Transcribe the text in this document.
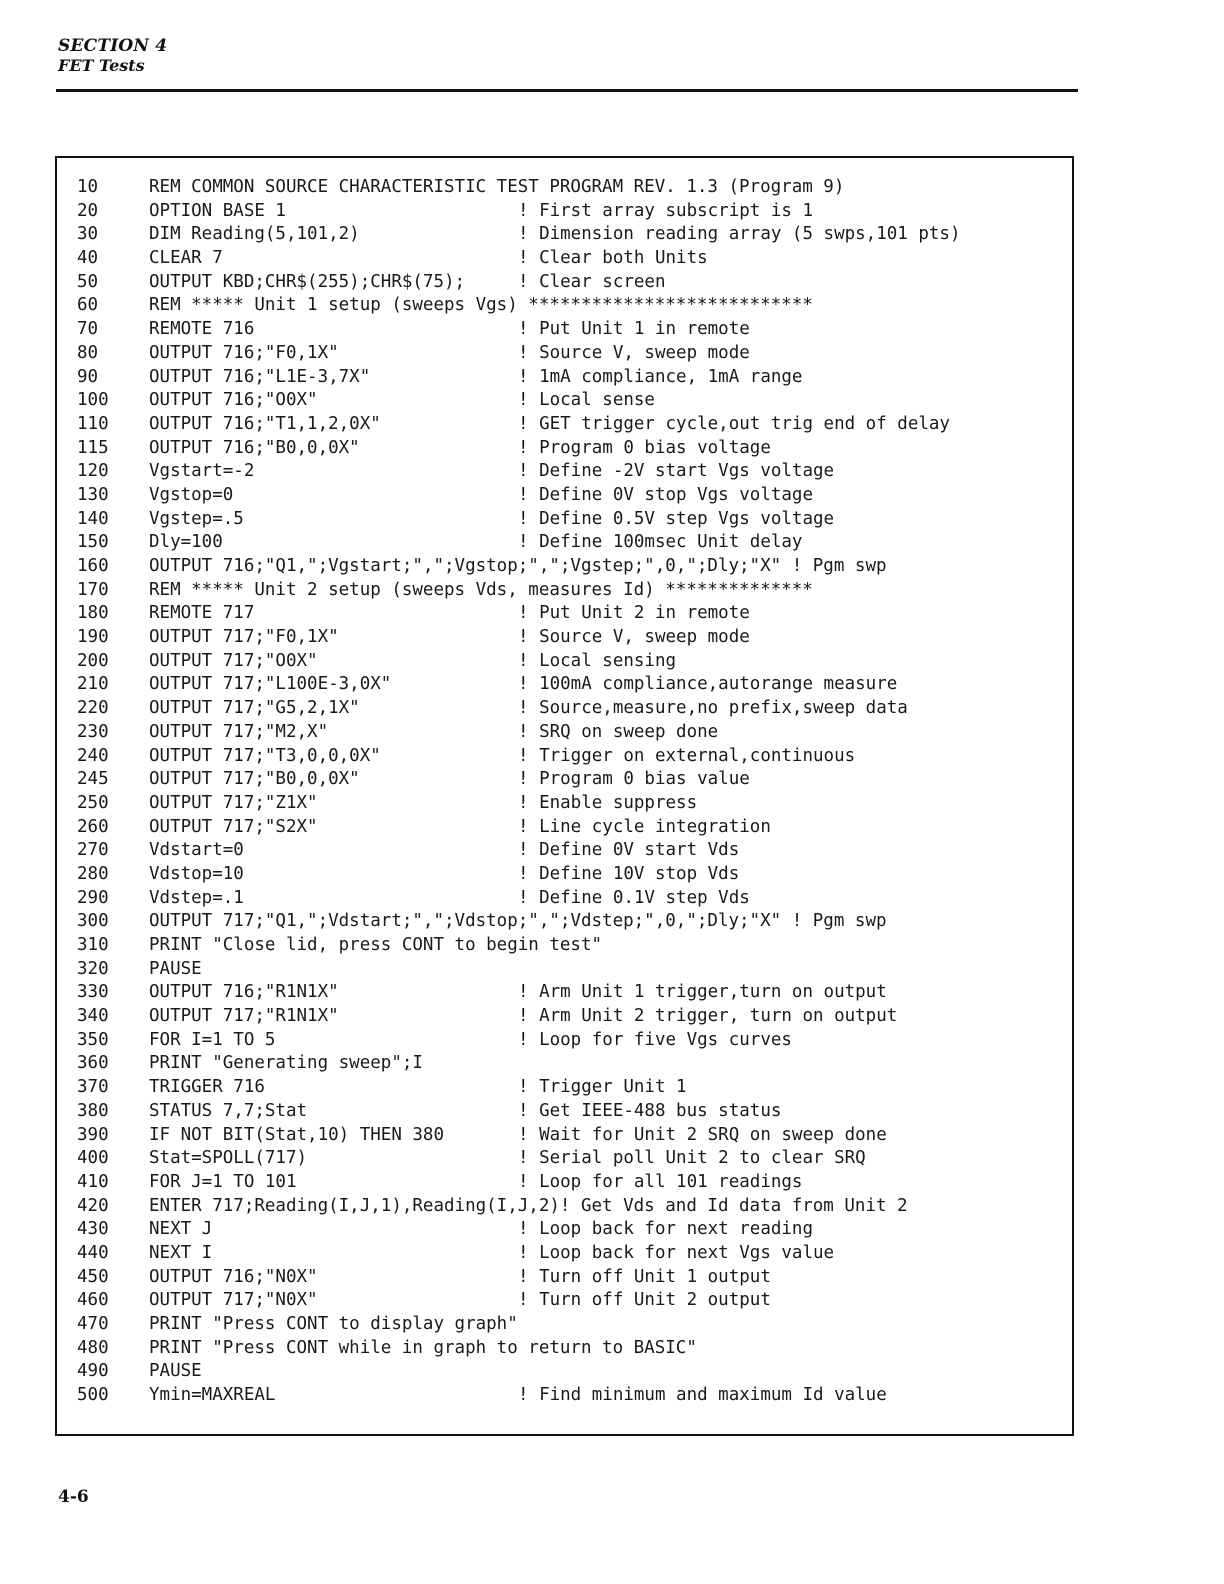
SECTION 4
FET Tests
10	REM COMMON SOURCE CHARACTERISTIC TEST PROGRAM REV. 1.3 (Program 9)
20	OPTION BASE 1	! First array subscript is 1
30	DIM Reading(5,101,2)	! Dimension reading array (5 swps,101 pts)
40	CLEAR 7	! Clear both Units
50	OUTPUT KBD;CHR$(255);CHR$(75);	! Clear screen
60	REM ***** Unit 1 setup (sweeps Vgs) ***************************
70	REMOTE 716	! Put Unit 1 in remote
80	OUTPUT 716;"F0,1X"	! Source V, sweep mode
90	OUTPUT 716;"L1E-3,7X"	! 1mA compliance, 1mA range
100	OUTPUT 716;"O0X"	! Local sense
110	OUTPUT 716;"T1,1,2,0X"	! GET trigger cycle,out trig end of delay
115	OUTPUT 716;"B0,0,0X"	! Program 0 bias voltage
120	Vgstart=-2	! Define -2V start Vgs voltage
130	Vgstop=0	! Define 0V stop Vgs voltage
140	Vgstep=.5	! Define 0.5V step Vgs voltage
150	Dly=100	! Define 100msec Unit delay
160	OUTPUT 716;"Q1,";Vgstart;",";Vgstop;",";Vgstep;",0,";Dly;"X" ! Pgm swp
170	REM ***** Unit 2 setup (sweeps Vds, measures Id) **************
180	REMOTE 717	! Put Unit 2 in remote
190	OUTPUT 717;"F0,1X"	! Source V, sweep mode
200	OUTPUT 717;"O0X"	! Local sensing
210	OUTPUT 717;"L100E-3,0X"	! 100mA compliance,autorange measure
220	OUTPUT 717;"G5,2,1X"	! Source,measure,no prefix,sweep data
230	OUTPUT 717;"M2,X"	! SRQ on sweep done
240	OUTPUT 717;"T3,0,0,0X"	! Trigger on external,continuous
245	OUTPUT 717;"B0,0,0X"	! Program 0 bias value
250	OUTPUT 717;"Z1X"	! Enable suppress
260	OUTPUT 717;"S2X"	! Line cycle integration
270	Vdstart=0	! Define 0V start Vds
280	Vdstop=10	! Define 10V stop Vds
290	Vdstep=.1	! Define 0.1V step Vds
300	OUTPUT 717;"Q1,";Vdstart;",";Vdstop;",";Vdstep;",0,";Dly;"X" ! Pgm swp
310	PRINT "Close lid, press CONT to begin test"
320	PAUSE
330	OUTPUT 716;"R1N1X"	! Arm Unit 1 trigger,turn on output
340	OUTPUT 717;"R1N1X"	! Arm Unit 2 trigger, turn on output
350	FOR I=1 TO 5	! Loop for five Vgs curves
360	PRINT "Generating sweep";I
370	TRIGGER 716	! Trigger Unit 1
380	STATUS 7,7;Stat	! Get IEEE-488 bus status
390	IF NOT BIT(Stat,10) THEN 380	! Wait for Unit 2 SRQ on sweep done
400	Stat=SPOLL(717)	! Serial poll Unit 2 to clear SRQ
410	FOR J=1 TO 101	! Loop for all 101 readings
420	ENTER 717;Reading(I,J,1),Reading(I,J,2)! Get Vds and Id data from Unit 2
430	NEXT J	! Loop back for next reading
440	NEXT I	! Loop back for next Vgs value
450	OUTPUT 716;"N0X"	! Turn off Unit 1 output
460	OUTPUT 717;"N0X"	! Turn off Unit 2 output
470	PRINT "Press CONT to display graph"
480	PRINT "Press CONT while in graph to return to BASIC"
490	PAUSE
500	Ymin=MAXREAL	! Find minimum and maximum Id value
4-6
